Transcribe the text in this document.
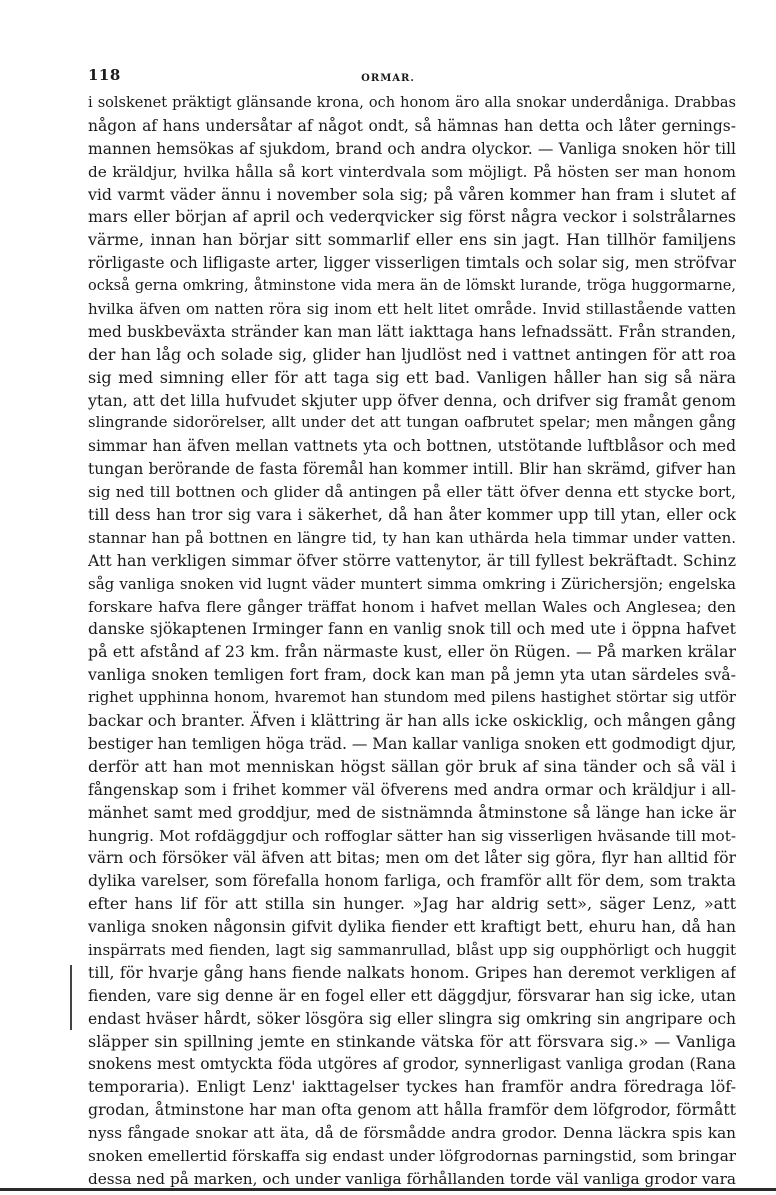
118	ORMAR.
i solskenet präktigt glänsande krona, och honom äro alla snokar underdåniga. Drabbas
någon af hans undersåtar af något ondt, så hämnas han detta och låter gernings-
mannen hemsökas af sjukdom, brand och andra olyckor. — Vanliga snoken hör till
de kräldjur, hvilka hålla så kort vinterdvala som möjligt. På hösten ser man honom
vid varmt väder ännu i november sola sig; på våren kommer han fram i slutet af
mars eller början af april och vederqvicker sig först några veckor i solstrålarnes
värme, innan han börjar sitt sommarlif eller ens sin jagt. Han tillhör familjens
rörligaste och lifligaste arter, ligger visserligen timtals och solar sig, men ströfvar
också gerna omkring, åtminstone vida mera än de lömskt lurande, tröga huggormarne,
hvilka äfven om natten röra sig inom ett helt litet område. Invid stillastående vatten
med buskbeväxta stränder kan man lätt iakttaga hans lefnadssätt. Från stranden,
der han låg och solade sig, glider han ljudlöst ned i vattnet antingen för att roa
sig med simning eller för att taga sig ett bad. Vanligen håller han sig så nära
ytan, att det lilla hufvudet skjuter upp öfver denna, och drifver sig framåt genom
slingrande sidorörelser, allt under det att tungan oafbrutet spelar; men mången gång
simmar han äfven mellan vattnets yta och bottnen, utstötande luftblåsor och med
tungan berörande de fasta föremål han kommer intill. Blir han skrämd, gifver han
sig ned till bottnen och glider då antingen på eller tätt öfver denna ett stycke bort,
till dess han tror sig vara i säkerhet, då han åter kommer upp till ytan, eller ock
stannar han på bottnen en längre tid, ty han kan uthärda hela timmar under vatten.
Att han verkligen simmar öfver större vattenytor, är till fyllest bekräftadt. Schinz
såg vanliga snoken vid lugnt väder muntert simma omkring i Zürichersjön; engelska
forskare hafva flere gånger träffat honom i hafvet mellan Wales och Anglesea; den
danske sjökaptenen Irminger fann en vanlig snok till och med ute i öppna hafvet
på ett afstånd af 23 km. från närmaste kust, eller ön Rügen. — På marken krälar
vanliga snoken temligen fort fram, dock kan man på jemn yta utan särdeles svå-
righet upphinna honom, hvaremot han stundom med pilens hastighet störtar sig utför
backar och branter. Äfven i klättring är han alls icke oskicklig, och mången gång
bestiger han temligen höga träd. — Man kallar vanliga snoken ett godmodigt djur,
derför att han mot menniskan högst sällan gör bruk af sina tänder och så väl i
fångenskap som i frihet kommer väl öfverens med andra ormar och kräldjur i all-
mänhet samt med groddjur, med de sistnämnda åtminstone så länge han icke är
hungrig. Mot rofdäggdjur och roffoglar sätter han sig visserligen hväsande till mot-
värn och försöker väl äfven att bitas; men om det låter sig göra, flyr han alltid för
dylika varelser, som förefalla honom farliga, och framför allt för dem, som trakta
efter hans lif för att stilla sin hunger. »Jag har aldrig sett», säger Lenz, »att
vanliga snoken någonsin gifvit dylika fiender ett kraftigt bett, ehuru han, då han
inspärrats med fienden, lagt sig sammanrullad, blåst upp sig oupphörligt och huggit
till, för hvarje gång hans fiende nalkats honom. Gripes han deremot verkligen af
fienden, vare sig denne är en fogel eller ett däggdjur, försvarar han sig icke, utan
endast hväser hårdt, söker lösgöra sig eller slingra sig omkring sin angripare och
släpper sin spillning jemte en stinkande vätska för att försvara sig.» — Vanliga
snokens mest omtyckta föda utgöres af grodor, synnerligast vanliga grodan (Rana
temporaria). Enligt Lenz' iakttagelser tyckes han framför andra föredraga löf-
grodan, åtminstone har man ofta genom att hålla framför dem löfgrodor, förmått
nyss fångade snokar att äta, då de försmådde andra grodor. Denna läckra spis kan
snoken emellertid förskaffa sig endast under löfgrodornas parningstid, som bringar
dessa ned på marken, och under vanliga förhållanden torde väl vanliga grodor vara
